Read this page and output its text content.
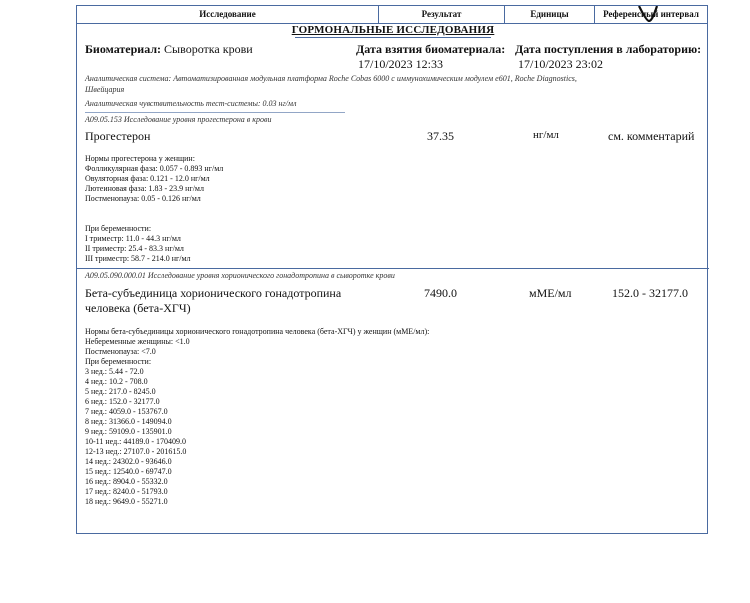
Исследование	Результат	Единицы	Референсный интервал
ГОРМОНАЛЬНЫЕ ИССЛЕДОВАНИЯ
Биоматериал: Сыворотка крови	Дата взятия биоматериала:
17/10/2023 12:33
Дата поступления в лабораторию:
17/10/2023 23:02
Аналитическая система: Автоматизированная модульная платформа Roche Cobas 6000 с иммунохимическим модулем e601, Roche Diagnostics,
Швейцария
Аналитическая чувствительность тест-системы: 0.03 нг/мл
A09.05.153 Исследование уровня прогестерона в крови
Прогестерон	37.35	нг/мл	см. комментарий
Нормы прогестерона у женщин:
Фолликулярная фаза: 0.057 - 0.893 нг/мл
Овуляторная фаза: 0.121 - 12.0 нг/мл
Лютеиновая фаза: 1.83 - 23.9 нг/мл
Постменопауза: 0.05 - 0.126 нг/мл
При беременности:
I триместр: 11.0 - 44.3 нг/мл
II триместр: 25.4 - 83.3 нг/мл
III триместр: 58.7 - 214.0 нг/мл
A09.05.090.000.01 Исследование уровня хорионического гонадотропина в сыворотке крови
Бета-субъединица хорионического гонадотропина
человека (бета-ХГЧ)
7490.0	мМЕ/мл	152.0 - 32177.0
Нормы бета-субъединицы хорионического гонадотропина человека (бета-ХГЧ) у женщин (мМЕ/мл):
Небеременные женщины: <1.0
Постменопауза: <7.0
При беременности:
3 нед.: 5.44 - 72.0
4 нед.: 10.2 - 708.0
5 нед.: 217.0 - 8245.0
6 нед.: 152.0 - 32177.0
7 нед.: 4059.0 - 153767.0
8 нед.: 31366.0 - 149094.0
9 нед.: 59109.0 - 135901.0
10-11 нед.: 44189.0 - 170409.0
12-13 нед.: 27107.0 - 201615.0
14 нед.: 24302.0 - 93646.0
15 нед.: 12540.0 - 69747.0
16 нед.: 8904.0 - 55332.0
17 нед.: 8240.0 - 51793.0
18 нед.: 9649.0 - 55271.0
